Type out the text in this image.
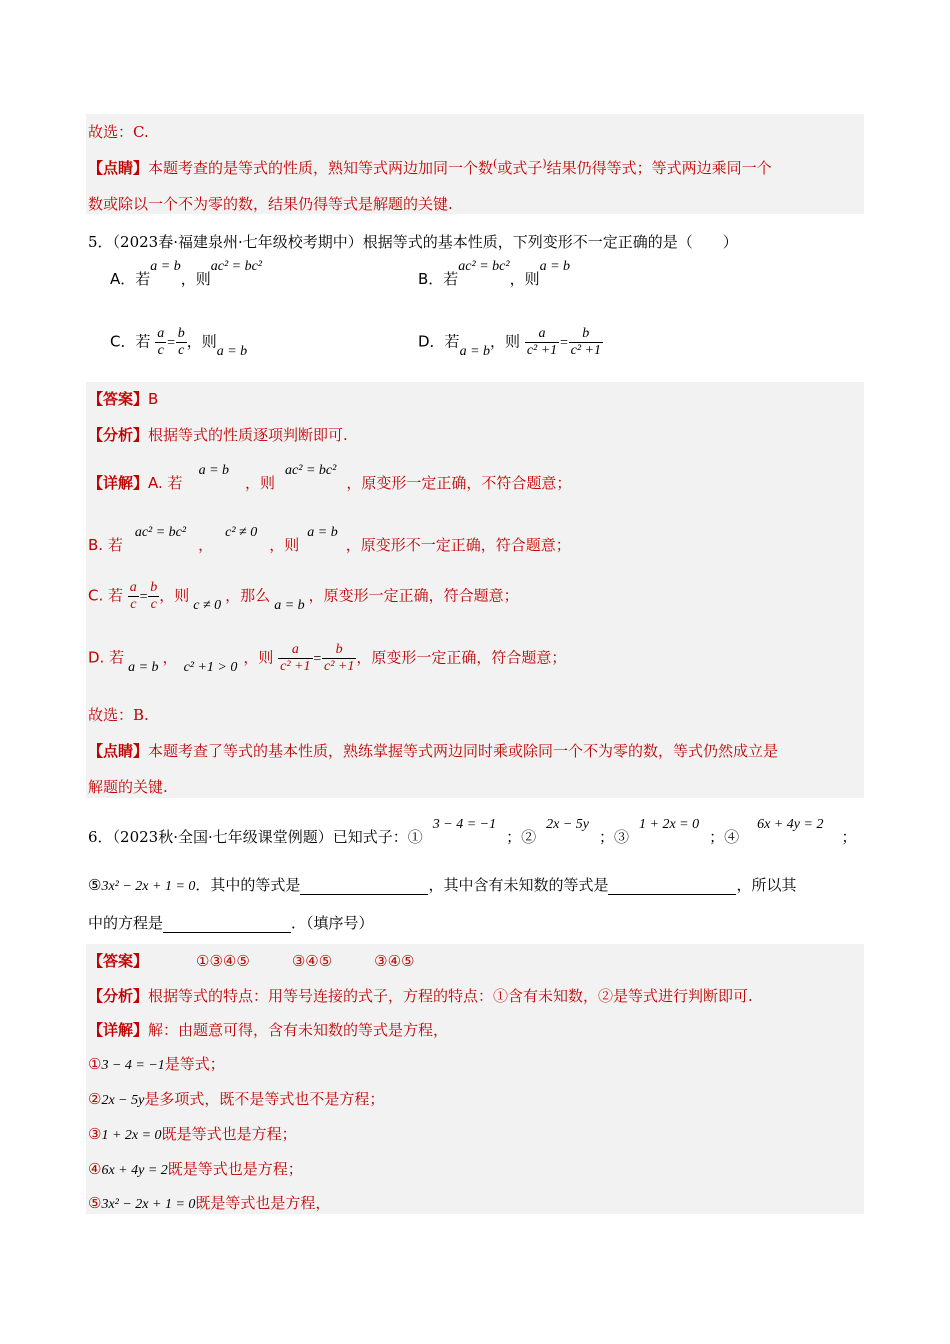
故选：C.
【点睛】本题考查的是等式的性质，熟知等式两边加同一个数(或式子)结果仍得等式；等式两边乘同一个
数或除以一个不为零的数，结果仍得等式是解题的关键.
5．（2023春·福建泉州·七年级校考期中）根据等式的基本性质，下列变形不一定正确的是（　　）
A．若a = b，则ac² = bc²
B．若ac² = bc²，则a = b
C．若 $\frac{a}{c} = \frac{b}{c}$ ，则a = b
D．若a = b，则 $\frac{a}{\text{c² +1}} = \frac{b}{\text{c² +1}}$
【答案】B
【分析】根据等式的性质逐项判断即可.
【详解】A. 若a = b，则ac² = bc²，原变形一定正确，不符合题意；
B. 若ac² = bc²，c² ≠ 0，则a = b，原变形不一定正确，符合题意；
C. 若 $\frac{a}{c} = \frac{b}{c}$ ，则c ≠ 0，那么a = b，原变形一定正确，符合题意；
D. 若a = b，c² +1 > 0，则 $\frac{a}{\text{c² +1}} = \frac{b}{\text{c² +1}}$ ，原变形一定正确，符合题意；
故选：B.
【点睛】本题考查了等式的基本性质，熟练掌握等式两边同时乘或除同一个不为零的数，等式仍然成立是
解题的关键.
6．（2023秋·全国·七年级课堂例题）已知式子：①3 − 4 = −1；②2x − 5y；③1 + 2x = 0；④6x + 4y = 2；
⑤3x² − 2x + 1 = 0．其中的等式是	，其中含有未知数的等式是	，所以其
中的方程是	．（填序号）
【答案】	①③④⑤	③④⑤	③④⑤
【分析】根据等式的特点：用等号连接的式子，方程的特点：①含有未知数，②是等式进行判断即可.
【详解】解：由题意可得，含有未知数的等式是方程，
①3 − 4 = −1是等式；
②2x − 5y是多项式，既不是等式也不是方程；
③1 + 2x = 0既是等式也是方程；
④6x + 4y = 2既是等式也是方程；
⑤3x² − 2x + 1 = 0既是等式也是方程，
